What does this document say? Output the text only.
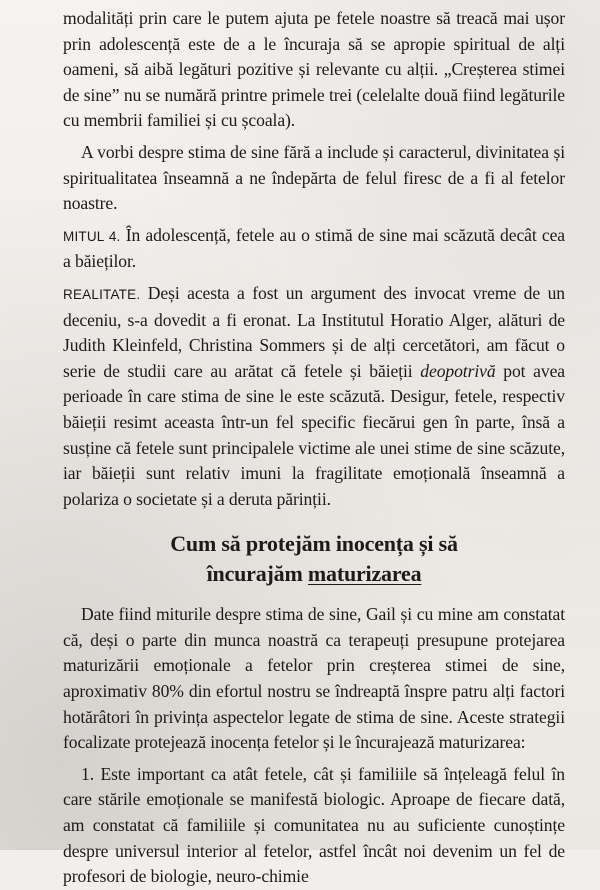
modalități prin care le putem ajuta pe fetele noastre să treacă mai ușor prin adolescență este de a le încuraja să se apropie spiritual de alți oameni, să aibă legături pozitive și relevante cu alții. „Creșterea stimei de sine” nu se numără printre primele trei (celelalte două fiind legăturile cu membrii familiei și cu școala).

A vorbi despre stima de sine fără a include și caracterul, divinitatea și spiritualitatea înseamnă a ne îndepărta de felul firesc de a fi al fetelor noastre.

MITUL 4. În adolescență, fetele au o stimă de sine mai scăzută decât cea a băieților.

REALITATE. Deși acesta a fost un argument des invocat vreme de un deceniu, s-a dovedit a fi eronat. La Institutul Horatio Alger, alături de Judith Kleinfeld, Christina Sommers și de alți cercetători, am făcut o serie de studii care au arătat că fetele și băieții deopotrivă pot avea perioade în care stima de sine le este scăzută. Desigur, fetele, respectiv băieții resimt aceasta într-un fel specific fiecărui gen în parte, însă a susține că fetele sunt principalele victime ale unei stime de sine scăzute, iar băieții sunt relativ imuni la fragilitate emoțională înseamnă a polariza o societate și a deruta părinții.

Cum să protejăm inocența și să
încurajăm maturizarea

Date fiind miturile despre stima de sine, Gail și cu mine am constatat că, deși o parte din munca noastră ca terapeuți presupune protejarea maturizării emoționale a fetelor prin creșterea stimei de sine, aproximativ 80% din efortul nostru se îndreaptă înspre patru alți factori hotărâtori în privința aspectelor legate de stima de sine. Aceste strategii focalizate protejează inocența fetelor și le încurajează maturizarea:

1. Este important ca atât fetele, cât și familiile să înțeleagă felul în care stările emoționale se manifestă biologic. Aproape de fiecare dată, am constatat că familiile și comunitatea nu au suficiente cunoștințe despre universul interior al fetelor, astfel încât noi devenim un fel de profesori de biologie, neuro-chimie
